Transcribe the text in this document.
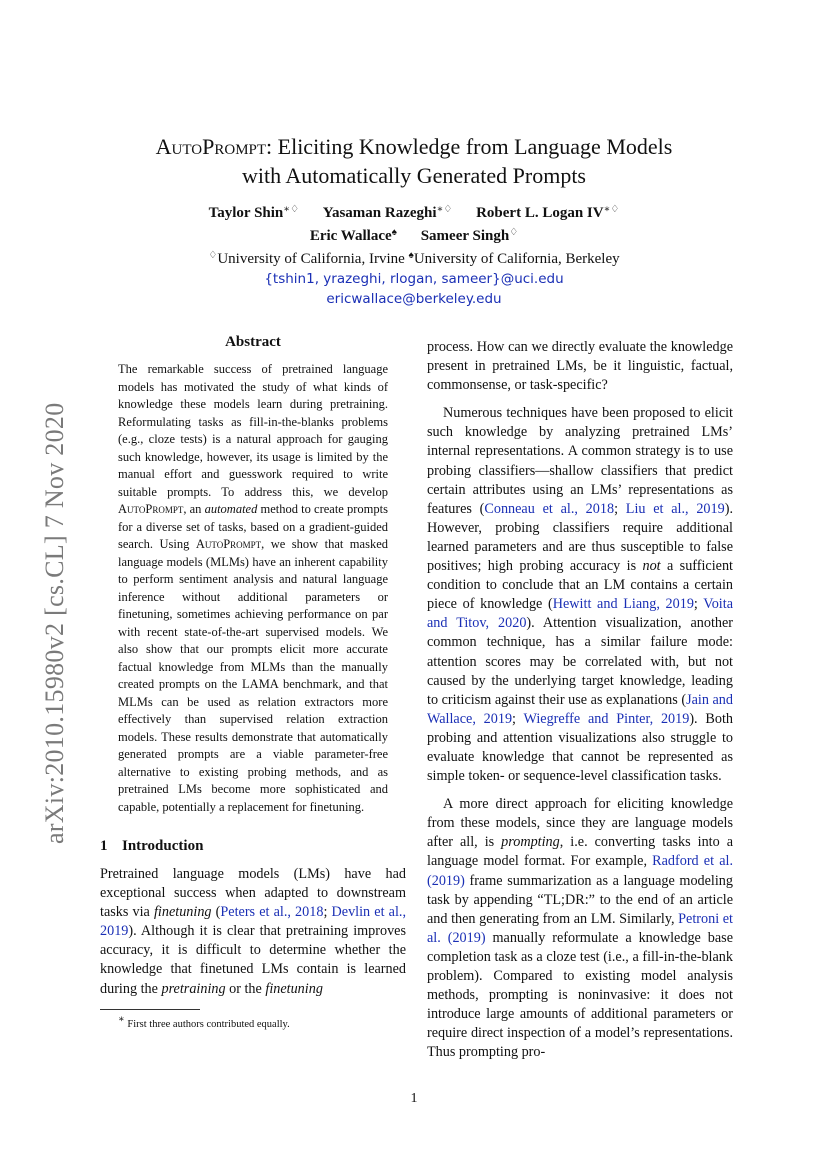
arXiv:2010.15980v2 [cs.CL] 7 Nov 2020
AutoPrompt: Eliciting Knowledge from Language Models
with Automatically Generated Prompts
Taylor Shin∗♢ Yasaman Razeghi∗♢ Robert L. Logan IV∗♢
Eric Wallace♠ Sameer Singh♢
♢University of California, Irvine ♠University of California, Berkeley
{tshin1, yrazeghi, rlogan, sameer}@uci.edu
ericwallace@berkeley.edu
Abstract
The remarkable success of pretrained language models has motivated the study of what kinds of knowledge these models learn during pretraining. Reformulating tasks as fill-in-the-blanks problems (e.g., cloze tests) is a natural approach for gauging such knowledge, however, its usage is limited by the manual effort and guesswork required to write suitable prompts. To address this, we develop AutoPrompt, an automated method to create prompts for a diverse set of tasks, based on a gradient-guided search. Using AutoPrompt, we show that masked language models (MLMs) have an inherent capability to perform sentiment analysis and natural language inference without additional parameters or finetuning, sometimes achieving performance on par with recent state-of-the-art supervised models. We also show that our prompts elicit more accurate factual knowledge from MLMs than the manually created prompts on the LAMA benchmark, and that MLMs can be used as relation extractors more effectively than supervised relation extraction models. These results demonstrate that automatically generated prompts are a viable parameter-free alternative to existing probing methods, and as pretrained LMs become more sophisticated and capable, potentially a replacement for finetuning.
1 Introduction

Pretrained language models (LMs) have had exceptional success when adapted to downstream tasks via finetuning (Peters et al., 2018; Devlin et al., 2019). Although it is clear that pretraining improves accuracy, it is difficult to determine whether the knowledge that finetuned LMs contain is learned during the pretraining or the finetuning

∗ First three authors contributed equally.

process. How can we directly evaluate the knowledge present in pretrained LMs, be it linguistic, factual, commonsense, or task-specific?

Numerous techniques have been proposed to elicit such knowledge by analyzing pretrained LMs’ internal representations. A common strategy is to use probing classifiers—shallow classifiers that predict certain attributes using an LMs’ representations as features (Conneau et al., 2018; Liu et al., 2019). However, probing classifiers require additional learned parameters and are thus susceptible to false positives; high probing accuracy is not a sufficient condition to conclude that an LM contains a certain piece of knowledge (Hewitt and Liang, 2019; Voita and Titov, 2020). Attention visualization, another common technique, has a similar failure mode: attention scores may be correlated with, but not caused by the underlying target knowledge, leading to criticism against their use as explanations (Jain and Wallace, 2019; Wiegreffe and Pinter, 2019). Both probing and attention visualizations also struggle to evaluate knowledge that cannot be represented as simple token- or sequence-level classification tasks.

A more direct approach for eliciting knowledge from these models, since they are language models after all, is prompting, i.e. converting tasks into a language model format. For example, Radford et al. (2019) frame summarization as a language modeling task by appending “TL;DR:” to the end of an article and then generating from an LM. Similarly, Petroni et al. (2019) manually reformulate a knowledge base completion task as a cloze test (i.e., a fill-in-the-blank problem). Compared to existing model analysis methods, prompting is noninvasive: it does not introduce large amounts of additional parameters or require direct inspection of a model’s representations. Thus prompting pro-

1
